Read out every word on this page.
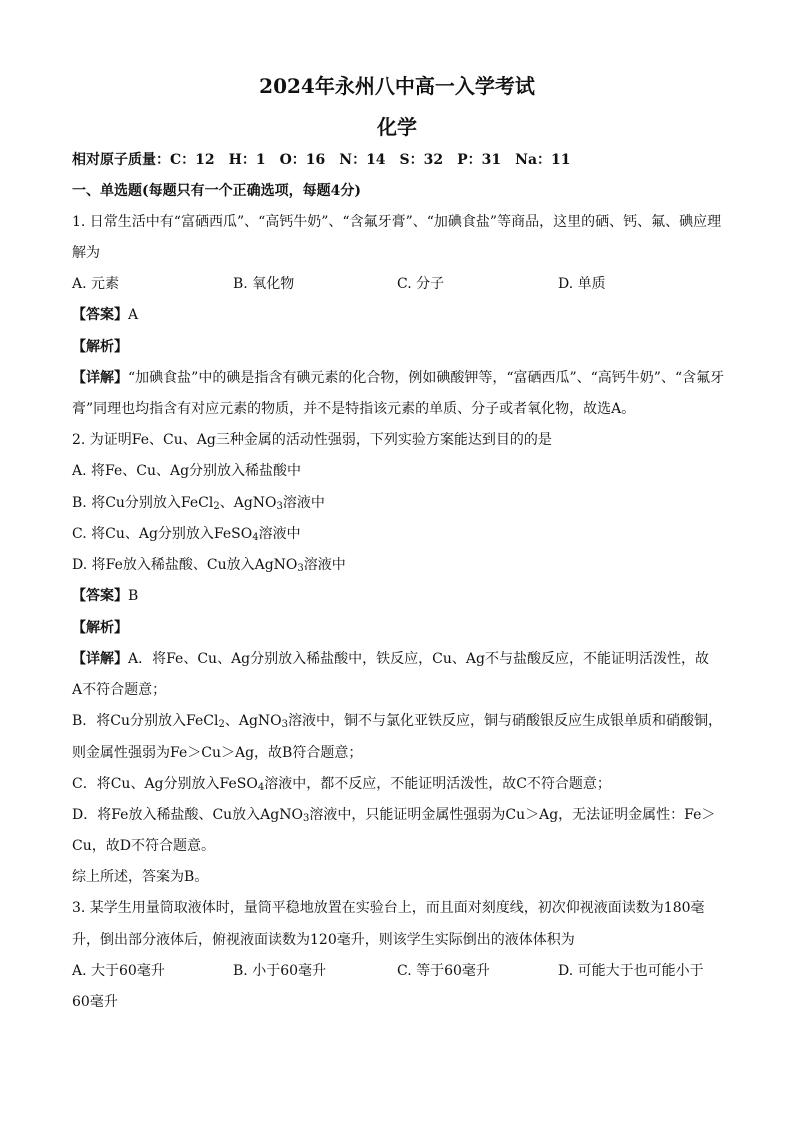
2024年永州八中高一入学考试
化学
相对原子质量：C：12　H：1　O：16　N：14　S：32　P：31　Na：11
一、单选题(每题只有一个正确选项，每题4分)
1. 日常生活中有“富硒西瓜”、“高钙牛奶”、“含氟牙膏”、“加碘食盐”等商品，这里的硒、钙、氟、碘应理
解为
A. 元素	B. 氧化物	C. 分子	D. 单质
【答案】A
【解析】
【详解】“加碘食盐”中的碘是指含有碘元素的化合物，例如碘酸钾等，“富硒西瓜”、“高钙牛奶”、“含氟牙
膏”同理也均指含有对应元素的物质，并不是特指该元素的单质、分子或者氧化物，故选A。
2. 为证明Fe、Cu、Ag三种金属的活动性强弱，下列实验方案能达到目的的是
A. 将Fe、Cu、Ag分别放入稀盐酸中
B. 将Cu分别放入FeCl$_2$、AgNO$_3$溶液中
C. 将Cu、Ag分别放入FeSO$_4$溶液中
D. 将Fe放入稀盐酸、Cu放入AgNO$_3$溶液中
【答案】B
【解析】
【详解】A．将Fe、Cu、Ag分别放入稀盐酸中，铁反应，Cu、Ag不与盐酸反应，不能证明活泼性，故
A不符合题意；
B．将Cu分别放入FeCl$_2$、AgNO$_3$溶液中，铜不与氯化亚铁反应，铜与硝酸银反应生成银单质和硝酸铜，
则金属性强弱为Fe＞Cu＞Ag，故B符合题意；
C．将Cu、Ag分别放入FeSO$_4$溶液中，都不反应，不能证明活泼性，故C不符合题意；
D．将Fe放入稀盐酸、Cu放入AgNO$_3$溶液中，只能证明金属性强弱为Cu＞Ag，无法证明金属性：Fe＞
Cu，故D不符合题意。
综上所述，答案为B。
3. 某学生用量筒取液体时，量筒平稳地放置在实验台上，而且面对刻度线，初次仰视液面读数为180毫
升，倒出部分液体后，俯视液面读数为120毫升，则该学生实际倒出的液体体积为
A. 大于60毫升	B. 小于60毫升	C. 等于60毫升	D. 可能大于也可能小于
60毫升
